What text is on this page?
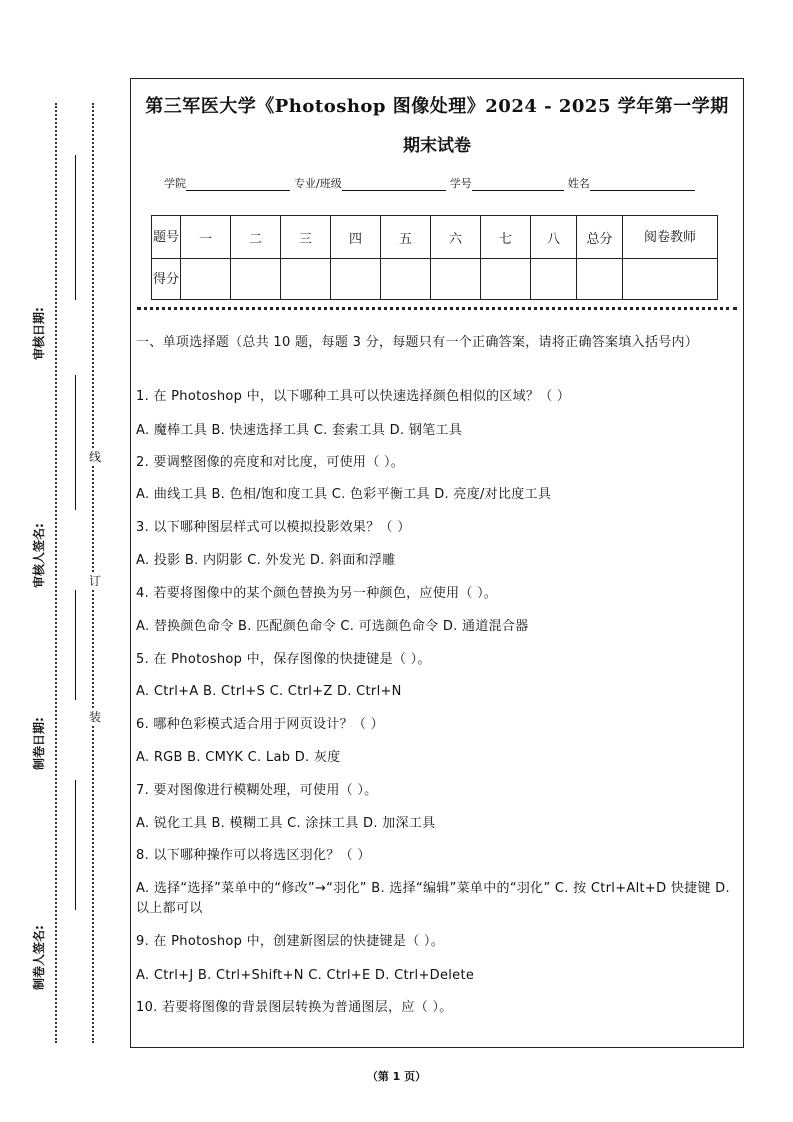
审核日期:
审核人签名:
制卷日期:
制卷人签名:
线
订
装
第三军医大学《Photoshop 图像处理》2024 - 2025 学年第一学期
期末试卷
学院	专业/班级	学号	姓名
题号	一	二	三	四	五	六	七	八	总分	阅卷教师
得分										
一、单项选择题（总共 10 题，每题 3 分，每题只有一个正确答案，请将正确答案填入括号内）
1. 在 Photoshop 中，以下哪种工具可以快速选择颜色相似的区域？（ ）
A. 魔棒工具 B. 快速选择工具 C. 套索工具 D. 钢笔工具
2. 要调整图像的亮度和对比度，可使用（ ）。
A. 曲线工具 B. 色相/饱和度工具 C. 色彩平衡工具 D. 亮度/对比度工具
3. 以下哪种图层样式可以模拟投影效果？（ ）
A. 投影 B. 内阴影 C. 外发光 D. 斜面和浮雕
4. 若要将图像中的某个颜色替换为另一种颜色，应使用（ ）。
A. 替换颜色命令 B. 匹配颜色命令 C. 可选颜色命令 D. 通道混合器
5. 在 Photoshop 中，保存图像的快捷键是（ ）。
A. Ctrl+A B. Ctrl+S C. Ctrl+Z D. Ctrl+N
6. 哪种色彩模式适合用于网页设计？（ ）
A. RGB B. CMYK C. Lab D. 灰度
7. 要对图像进行模糊处理，可使用（ ）。
A. 锐化工具 B. 模糊工具 C. 涂抹工具 D. 加深工具
8. 以下哪种操作可以将选区羽化？（ ）
A. 选择“选择”菜单中的“修改”→“羽化” B. 选择“编辑”菜单中的“羽化” C. 按 Ctrl+Alt+D 快捷键 D. 以上都可以
9. 在 Photoshop 中，创建新图层的快捷键是（ ）。
A. Ctrl+J B. Ctrl+Shift+N C. Ctrl+E D. Ctrl+Delete
10. 若要将图像的背景图层转换为普通图层，应（ ）。
（第 1 页）
